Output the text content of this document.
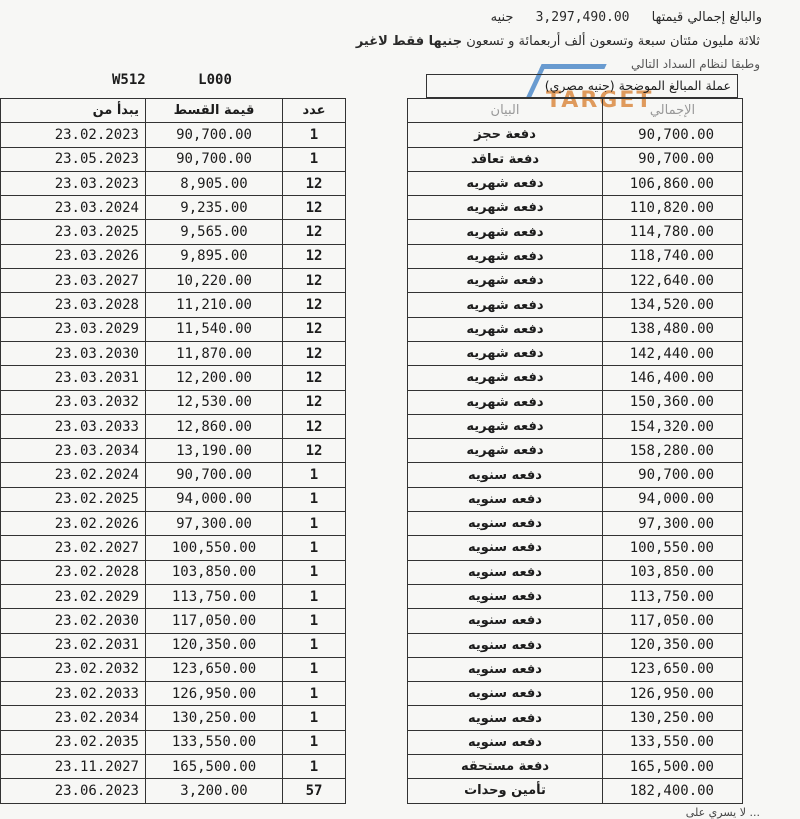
والبالغ إجمالي قيمتها 3,297,490.00 جنيه
ثلاثة مليون مئتان سبعة وتسعون ألف أربعمائة و تسعون جنيها فقط لاغير
وطبقا لنظام السداد التالي
TARGET
W512	L000	عملة المبالغ الموضحة (جنيه مصري)
يبدأ من	قيمة القسط	عدد		البيان	الإجمالي
23.02.2023	90,700.00	1		دفعة حجز	90,700.00
23.05.2023	90,700.00	1		دفعة تعاقد	90,700.00
23.03.2023	8,905.00	12		دفعه شهريه	106,860.00
23.03.2024	9,235.00	12		دفعه شهريه	110,820.00
23.03.2025	9,565.00	12		دفعه شهريه	114,780.00
23.03.2026	9,895.00	12		دفعه شهريه	118,740.00
23.03.2027	10,220.00	12		دفعه شهريه	122,640.00
23.03.2028	11,210.00	12		دفعه شهريه	134,520.00
23.03.2029	11,540.00	12		دفعه شهريه	138,480.00
23.03.2030	11,870.00	12		دفعه شهريه	142,440.00
23.03.2031	12,200.00	12		دفعه شهريه	146,400.00
23.03.2032	12,530.00	12		دفعه شهريه	150,360.00
23.03.2033	12,860.00	12		دفعه شهريه	154,320.00
23.03.2034	13,190.00	12		دفعه شهريه	158,280.00
23.02.2024	90,700.00	1		دفعه سنويه	90,700.00
23.02.2025	94,000.00	1		دفعه سنويه	94,000.00
23.02.2026	97,300.00	1		دفعه سنويه	97,300.00
23.02.2027	100,550.00	1		دفعه سنويه	100,550.00
23.02.2028	103,850.00	1		دفعه سنويه	103,850.00
23.02.2029	113,750.00	1		دفعه سنويه	113,750.00
23.02.2030	117,050.00	1		دفعه سنويه	117,050.00
23.02.2031	120,350.00	1		دفعه سنويه	120,350.00
23.02.2032	123,650.00	1		دفعه سنويه	123,650.00
23.02.2033	126,950.00	1		دفعه سنويه	126,950.00
23.02.2034	130,250.00	1		دفعه سنويه	130,250.00
23.02.2035	133,550.00	1		دفعه سنويه	133,550.00
23.11.2027	165,500.00	1		دفعة مستحقه	165,500.00
23.06.2023	3,200.00	57		تأمين وحدات	182,400.00
لا يسري على ...
